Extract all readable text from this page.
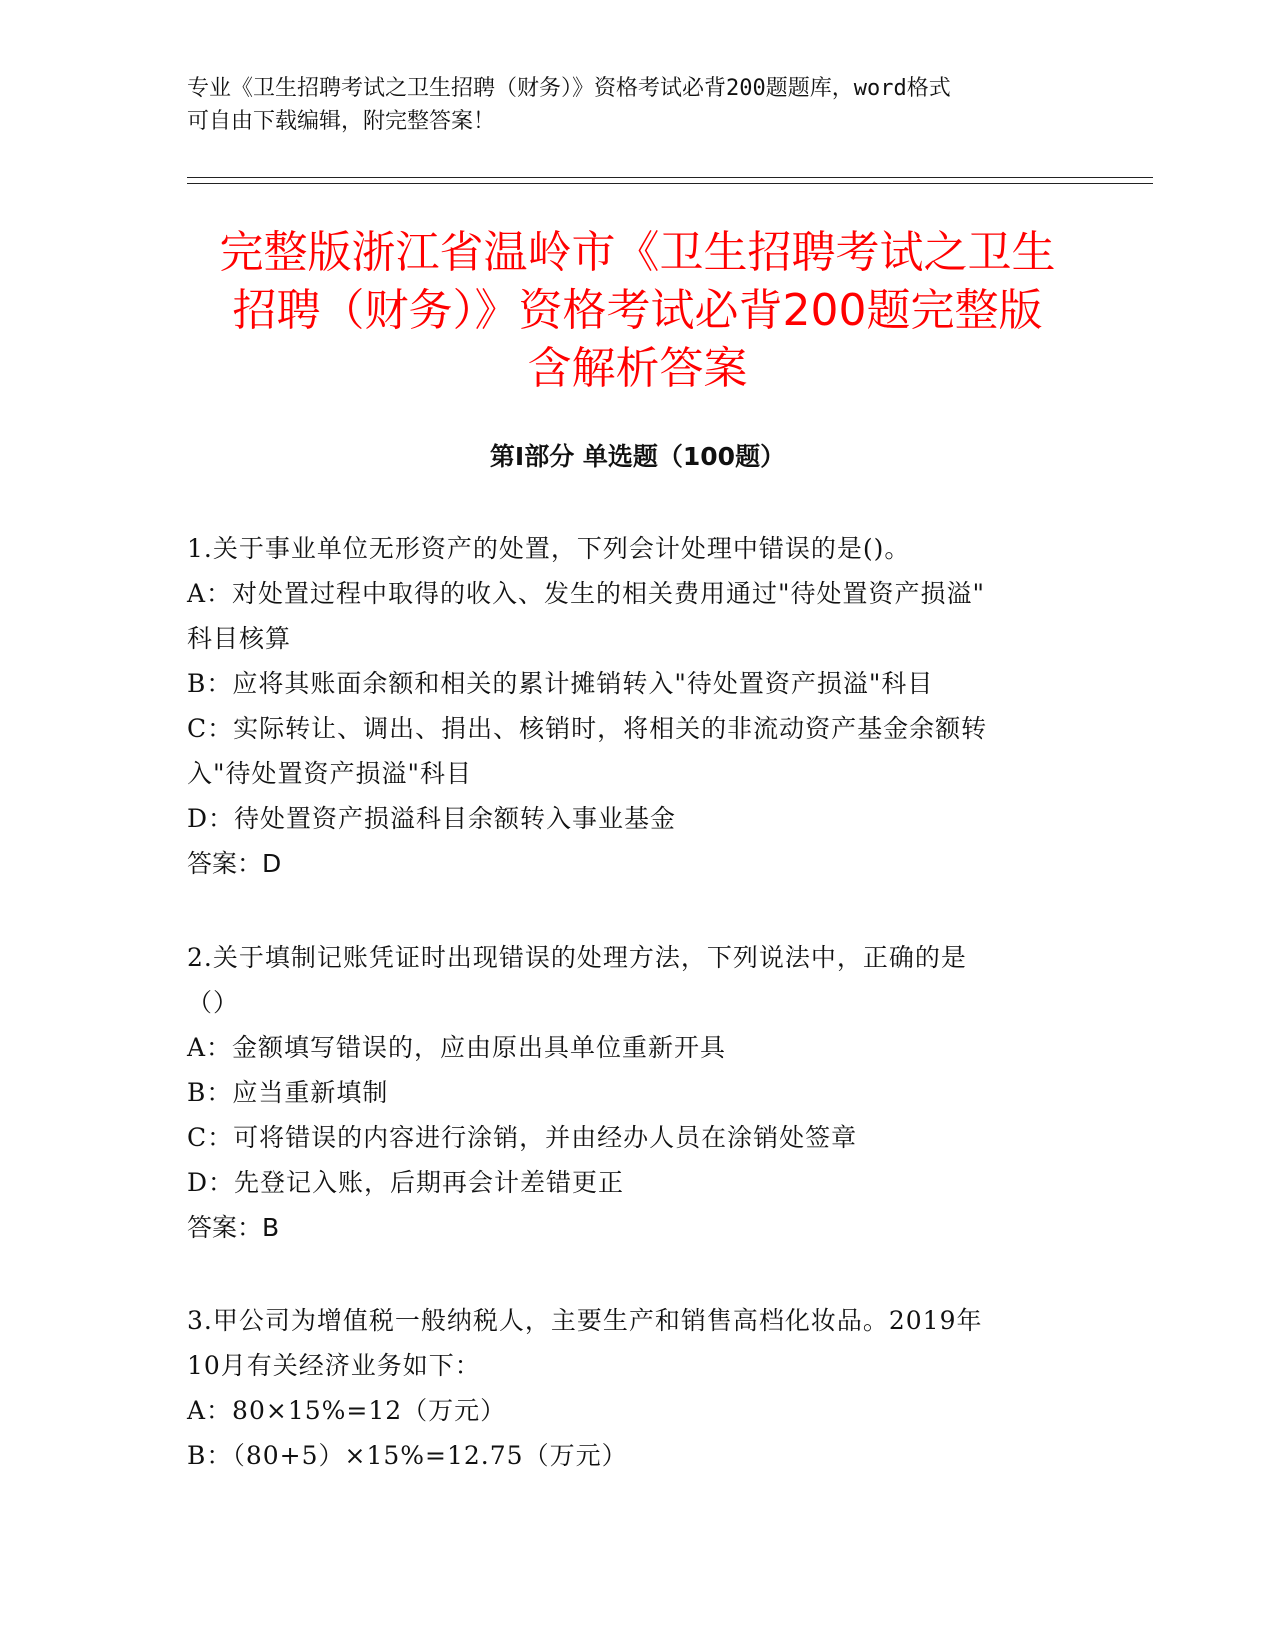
专业《卫生招聘考试之卫生招聘（财务）》资格考试必背200题题库，word格式
可自由下载编辑，附完整答案！
完整版浙江省温岭市《卫生招聘考试之卫生
招聘（财务）》资格考试必背200题完整版
含解析答案
第I部分 单选题（100题）
1.关于事业单位无形资产的处置，下列会计处理中错误的是()。
A：对处置过程中取得的收入、发生的相关费用通过"待处置资产损溢"
科目核算
B：应将其账面余额和相关的累计摊销转入"待处置资产损溢"科目
C：实际转让、调出、捐出、核销时，将相关的非流动资产基金余额转
入"待处置资产损溢"科目
D：待处置资产损溢科目余额转入事业基金
答案：D
2.关于填制记账凭证时出现错误的处理方法，下列说法中，正确的是
（）
A：金额填写错误的，应由原出具单位重新开具
B：应当重新填制
C：可将错误的内容进行涂销，并由经办人员在涂销处签章
D：先登记入账，后期再会计差错更正
答案：B
3.甲公司为增值税一般纳税人，主要生产和销售高档化妆品。2019年
10月有关经济业务如下：
A：80×15%=12（万元）
B：（80+5）×15%=12.75（万元）
